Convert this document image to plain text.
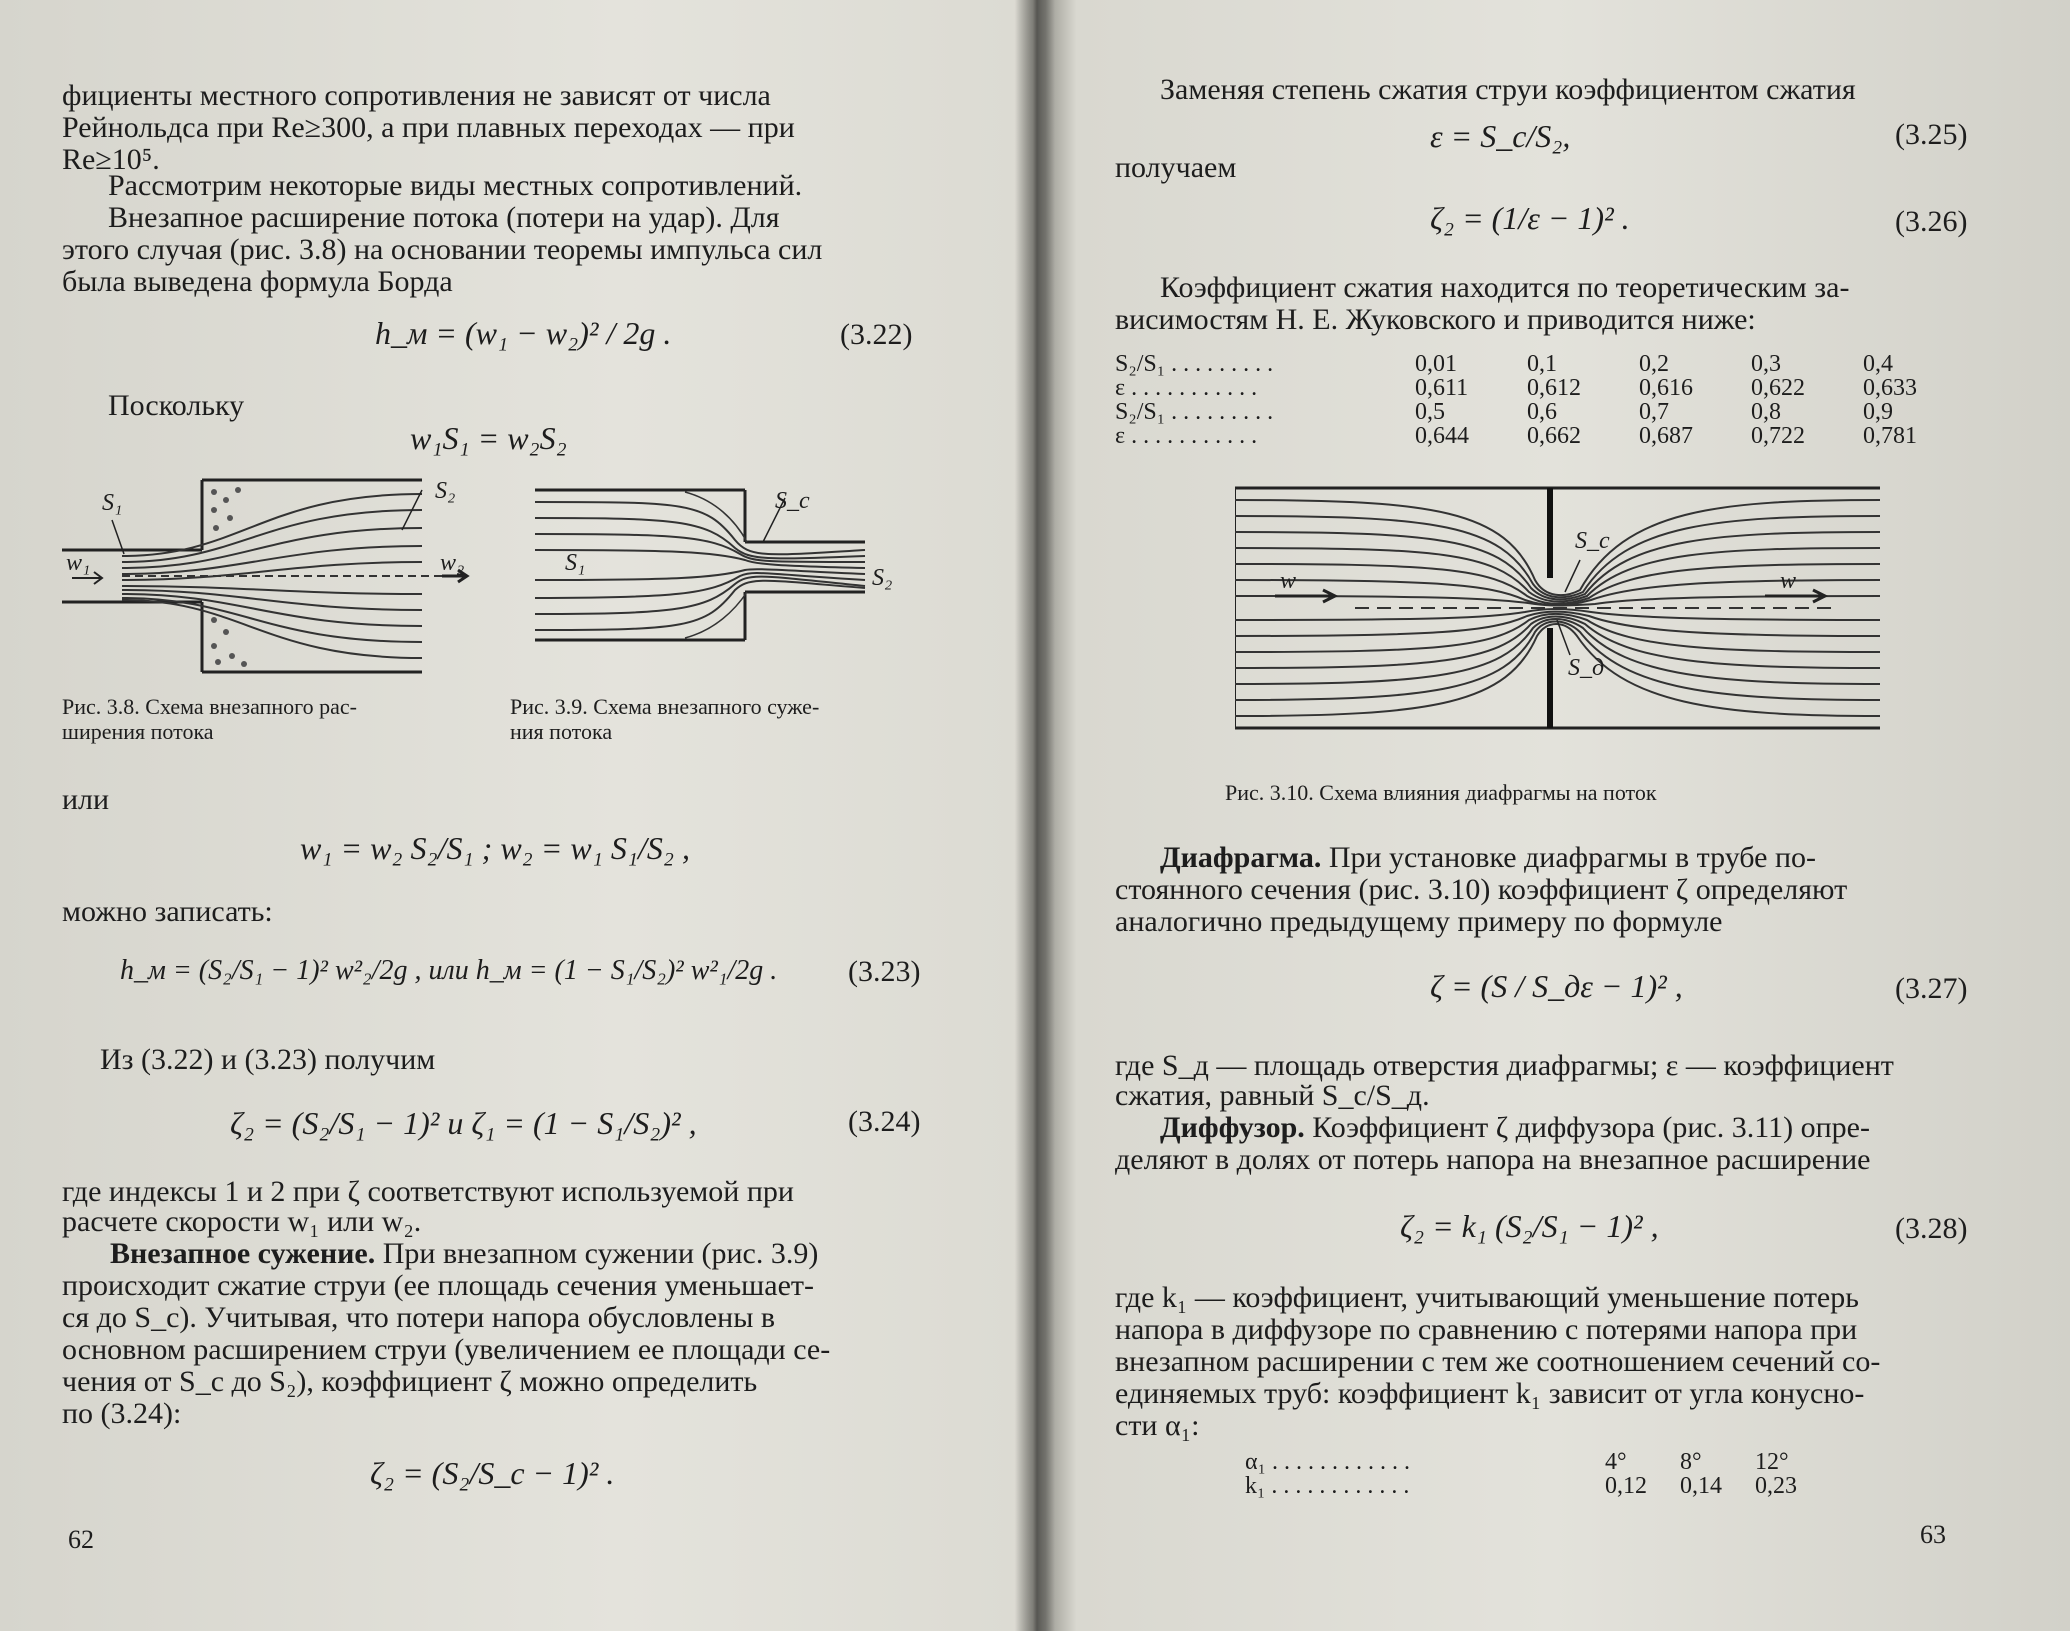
фициенты местного сопротивления не зависят от числа
Рейнольдса при Re≥300, а при плавных переходах — при
Re≥10⁵.
Рассмотрим некоторые виды местных сопротивлений.
Внезапное расширение потока (потери на удар). Для
этого случая (рис. 3.8) на основании теоремы импульса сил
была выведена формула Борда
h_м = (w₁ − w₂)² / 2g .	(3.22)
Поскольку
w₁S₁ = w₂S₂
S₁	S₂
w₁	w₂
S_c
S₁
S₂
Рис. 3.8. Схема внезапного рас-
ширения потока
Рис. 3.9. Схема внезапного суже-
ния потока
или
w₁ = w₂ S₂/S₁ ; w₂ = w₁ S₁/S₂ ,
можно записать:
h_м = (S₂/S₁ − 1)² w²₂/2g , или h_м = (1 − S₁/S₂)² w²₁/2g . (3.23)
Из (3.22) и (3.23) получим
ζ₂ = (S₂/S₁ − 1)² и ζ₁ = (1 − S₁/S₂)² ,	(3.24)
где индексы 1 и 2 при ζ соответствуют используемой при
расчете скорости w₁ или w₂.
Внезапное сужение. При внезапном сужении (рис. 3.9)
происходит сжатие струи (ее площадь сечения уменьшает-
ся до S_c). Учитывая, что потери напора обусловлены в
основном расширением струи (увеличением ее площади се-
чения от S_c до S₂), коэффициент ζ можно определить
по (3.24):
ζ₂ = (S₂/S_c − 1)² .
62
Заменяя степень сжатия струи коэффициентом сжатия
ε = S_c/S₂,	(3.25)
получаем
ζ₂ = (1/ε − 1)² .	(3.26)
Коэффициент сжатия находится по теоретическим за-
висимостям Н. Е. Жуковского и приводится ниже:
S₂/S₁ . . . . . . . . .	0,01	0,1	0,2	0,3	0,4
ε . . . . . . . . . . .	0,611	0,612	0,616	0,622	0,633
S₂/S₁ . . . . . . . . .	0,5	0,6	0,7	0,8	0,9
ε . . . . . . . . . . .	0,644	0,662	0,687	0,722	0,781
S_c
S_д
w	w
Рис. 3.10. Схема влияния диафрагмы на поток
Диафрагма. При установке диафрагмы в трубе по-
стоянного сечения (рис. 3.10) коэффициент ζ определяют
аналогично предыдущему примеру по формуле
ζ = (S / S_дε − 1)² ,	(3.27)
где S_д — площадь отверстия диафрагмы; ε — коэффициент
сжатия, равный S_c/S_д.
Диффузор. Коэффициент ζ диффузора (рис. 3.11) опре-
деляют в долях от потерь напора на внезапное расширение
ζ₂ = k₁ (S₂/S₁ − 1)² ,	(3.28)
где k₁ — коэффициент, учитывающий уменьшение потерь
напора в диффузоре по сравнению с потерями напора при
внезапном расширении с тем же соотношением сечений со-
единяемых труб: коэффициент k₁ зависит от угла конусно-
сти α₁:
α₁ . . . . . . . . . . . .	4°	8°	12°
k₁ . . . . . . . . . . . .	0,12	0,14	0,23
63
